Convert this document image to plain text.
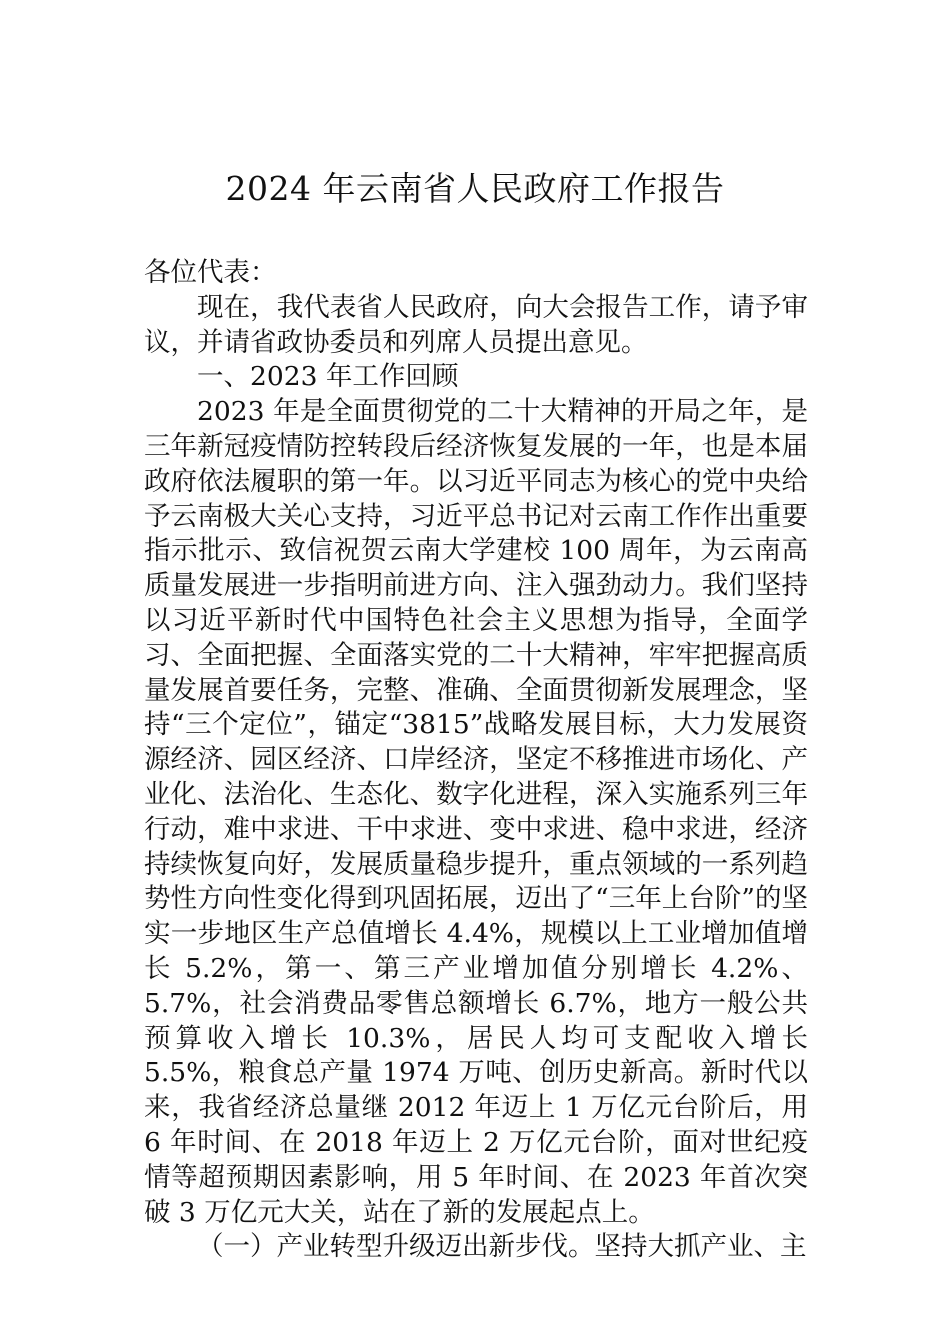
2024 年云南省人民政府工作报告

各位代表：

现在，我代表省人民政府，向大会报告工作，请予审议，并请省政协委员和列席人员提出意见。

一、2023 年工作回顾

2023 年是全面贯彻党的二十大精神的开局之年，是三年新冠疫情防控转段后经济恢复发展的一年，也是本届政府依法履职的第一年。以习近平同志为核心的党中央给予云南极大关心支持，习近平总书记对云南工作作出重要指示批示、致信祝贺云南大学建校 100 周年，为云南高质量发展进一步指明前进方向、注入强劲动力。我们坚持以习近平新时代中国特色社会主义思想为指导，全面学习、全面把握、全面落实党的二十大精神，牢牢把握高质量发展首要任务，完整、准确、全面贯彻新发展理念，坚持“三个定位”，锚定“3815”战略发展目标，大力发展资源经济、园区经济、口岸经济，坚定不移推进市场化、产业化、法治化、生态化、数字化进程，深入实施系列三年行动，难中求进、干中求进、变中求进、稳中求进，经济持续恢复向好，发展质量稳步提升，重点领域的一系列趋势性方向性变化得到巩固拓展，迈出了“三年上台阶”的坚实一步地区生产总值增长 4.4%，规模以上工业增加值增长 5.2%，第一、第三产业增加值分别增长 4.2%、5.7%，社会消费品零售总额增长 6.7%，地方一般公共预算收入增长 10.3%，居民人均可支配收入增长 5.5%，粮食总产量 1974 万吨、创历史新高。新时代以来，我省经济总量继 2012 年迈上 1 万亿元台阶后，用 6 年时间、在 2018 年迈上 2 万亿元台阶，面对世纪疫情等超预期因素影响，用 5 年时间、在 2023 年首次突破 3 万亿元大关，站在了新的发展起点上。

（一）产业转型升级迈出新步伐。坚持大抓产业、主
